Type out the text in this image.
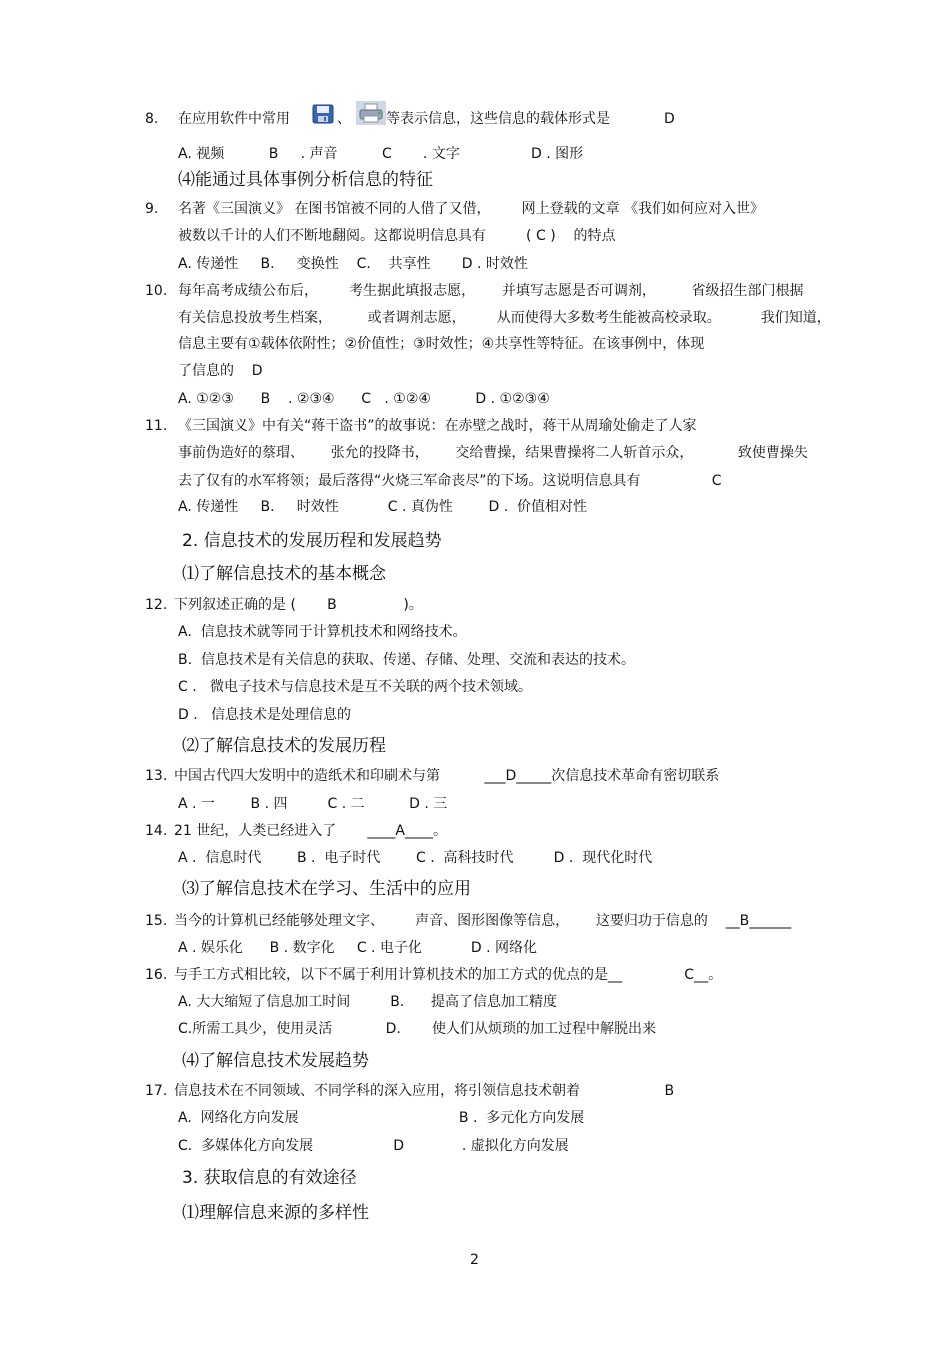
8. 在应用软件中常用	、	等表示信息，这些信息的载体形式是	D
A. 视频          B     . 声音          C       . 文字                D . 图形
⑷能通过具体事例分析信息的特征
9. 名著《三国演义》 在图书馆被不同的人借了又借，       网上登载的文章 《我们如何应对入世》
被数以千计的人们不断地翻阅。这都说明信息具有         ( C )    的特点
A. 传递性     B.     变换性    C.    共享性       D . 时效性
10. 每年高考成绩公布后，       考生据此填报志愿，      并填写志愿是否可调剂，        省级招生部门根据
有关信息投放考生档案，        或者调剂志愿，       从而使得大多数考生能被高校录取。         我们知道，
信息主要有①载体依附性；②价值性；③时效性；④共享性等特征。在该事例中，体现
了信息的    D
A. ①②③      B    . ②③④      C   . ①②④          D . ①②③④
11. 《三国演义》中有关“蒋干盗书”的故事说：在赤壁之战时，蒋干从周瑜处偷走了人家
事前伪造好的蔡瑁、      张允的投降书，      交给曹操，结果曹操将二人斩首示众，          致使曹操失
去了仅有的水军将领；最后落得“火烧三军命丧尽”的下场。这说明信息具有                C
A. 传递性     B.     时效性           C . 真伪性        D .  价值相对性
2. 信息技术的发展历程和发展趋势
⑴了解信息技术的基本概念
12. 下列叙述正确的是 (       B               )。
A.  信息技术就等同于计算机技术和网络技术。
B.  信息技术是有关信息的获取、传递、存储、处理、交流和表达的技术。
C .   微电子技术与信息技术是互不关联的两个技术领域。
D .   信息技术是处理信息的
⑵了解信息技术的发展历程
13. 中国古代四大发明中的造纸术和印刷术与第          ___D_____次信息技术革命有密切联系
A . 一        B . 四         C . 二          D . 三
14. 21 世纪，人类已经进入了       ____A____。
A .  信息时代        B .  电子时代        C .  高科技时代         D .  现代化时代
⑶了解信息技术在学习、生活中的应用
15. 当今的计算机已经能够处理文字、       声音、图形图像等信息，      这要归功于信息的    __B______
A . 娱乐化      B . 数字化     C . 电子化           D . 网络化
16. 与手工方式相比较，以下不属于利用计算机技术的加工方式的优点的是__              C__。
A. 大大缩短了信息加工时间         B.      提高了信息加工精度
C.所需工具少，使用灵活            D.       使人们从烦琐的加工过程中解脱出来
⑷了解信息技术发展趋势
17. 信息技术在不同领域、不同学科的深入应用，将引领信息技术朝着                   B
A.  网络化方向发展                                    B .  多元化方向发展
C.  多媒体化方向发展                  D             . 虚拟化方向发展
3. 获取信息的有效途径
⑴理解信息来源的多样性
2
